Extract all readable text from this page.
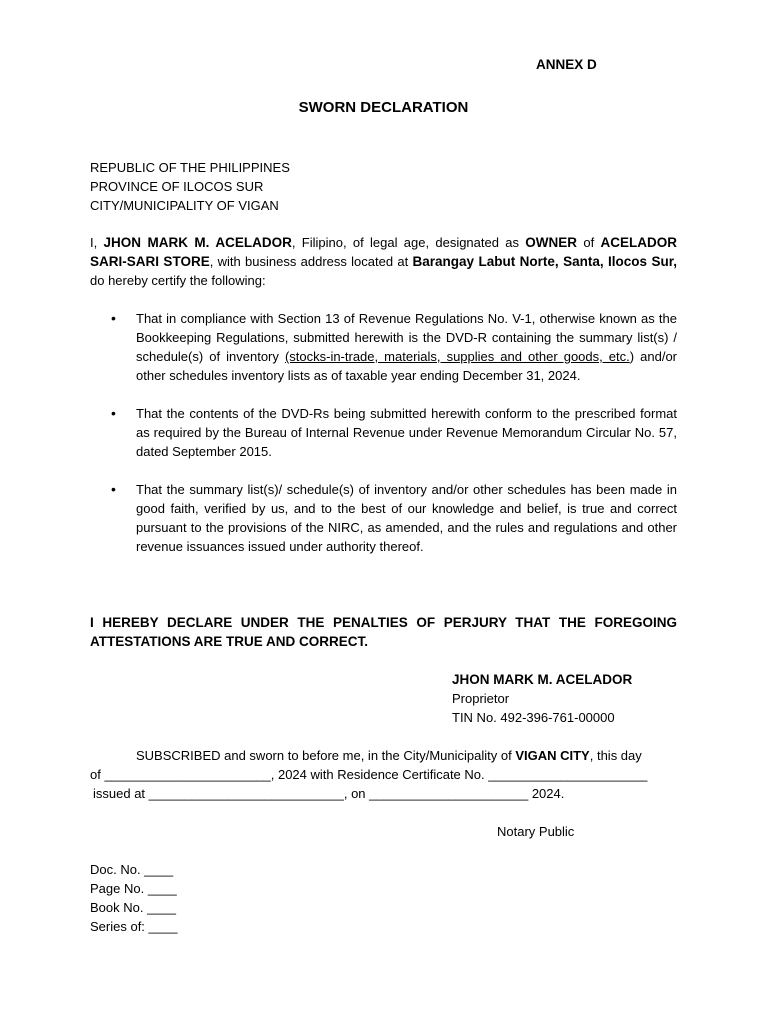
ANNEX D
SWORN DECLARATION
REPUBLIC OF THE PHILIPPINES
PROVINCE OF ILOCOS SUR
CITY/MUNICIPALITY OF VIGAN
I, JHON MARK M. ACELADOR, Filipino, of legal age, designated as OWNER of ACELADOR SARI-SARI STORE, with business address located at Barangay Labut Norte, Santa, Ilocos Sur, do hereby certify the following:
• That in compliance with Section 13 of Revenue Regulations No. V-1, otherwise known as the Bookkeeping Regulations, submitted herewith is the DVD-R containing the summary list(s) / schedule(s) of inventory (stocks-in-trade, materials, supplies and other goods, etc.) and/or other schedules inventory lists as of taxable year ending December 31, 2024.
• That the contents of the DVD-Rs being submitted herewith conform to the prescribed format as required by the Bureau of Internal Revenue under Revenue Memorandum Circular No. 57, dated September 2015.
• That the summary list(s)/ schedule(s) of inventory and/or other schedules has been made in good faith, verified by us, and to the best of our knowledge and belief, is true and correct pursuant to the provisions of the NIRC, as amended, and the rules and regulations and other revenue issuances issued under authority thereof.
I HEREBY DECLARE UNDER THE PENALTIES OF PERJURY THAT THE FOREGOING ATTESTATIONS ARE TRUE AND CORRECT.
JHON MARK M. ACELADOR
Proprietor
TIN No. 492-396-761-00000
SUBSCRIBED and sworn to before me, in the City/Municipality of VIGAN CITY, this day
of _______________________, 2024 with Residence Certificate No. ______________________
issued at ___________________________, on ______________________ 2024.
Notary Public
Doc. No. ____
Page No. ____
Book No. ____
Series of: ____
